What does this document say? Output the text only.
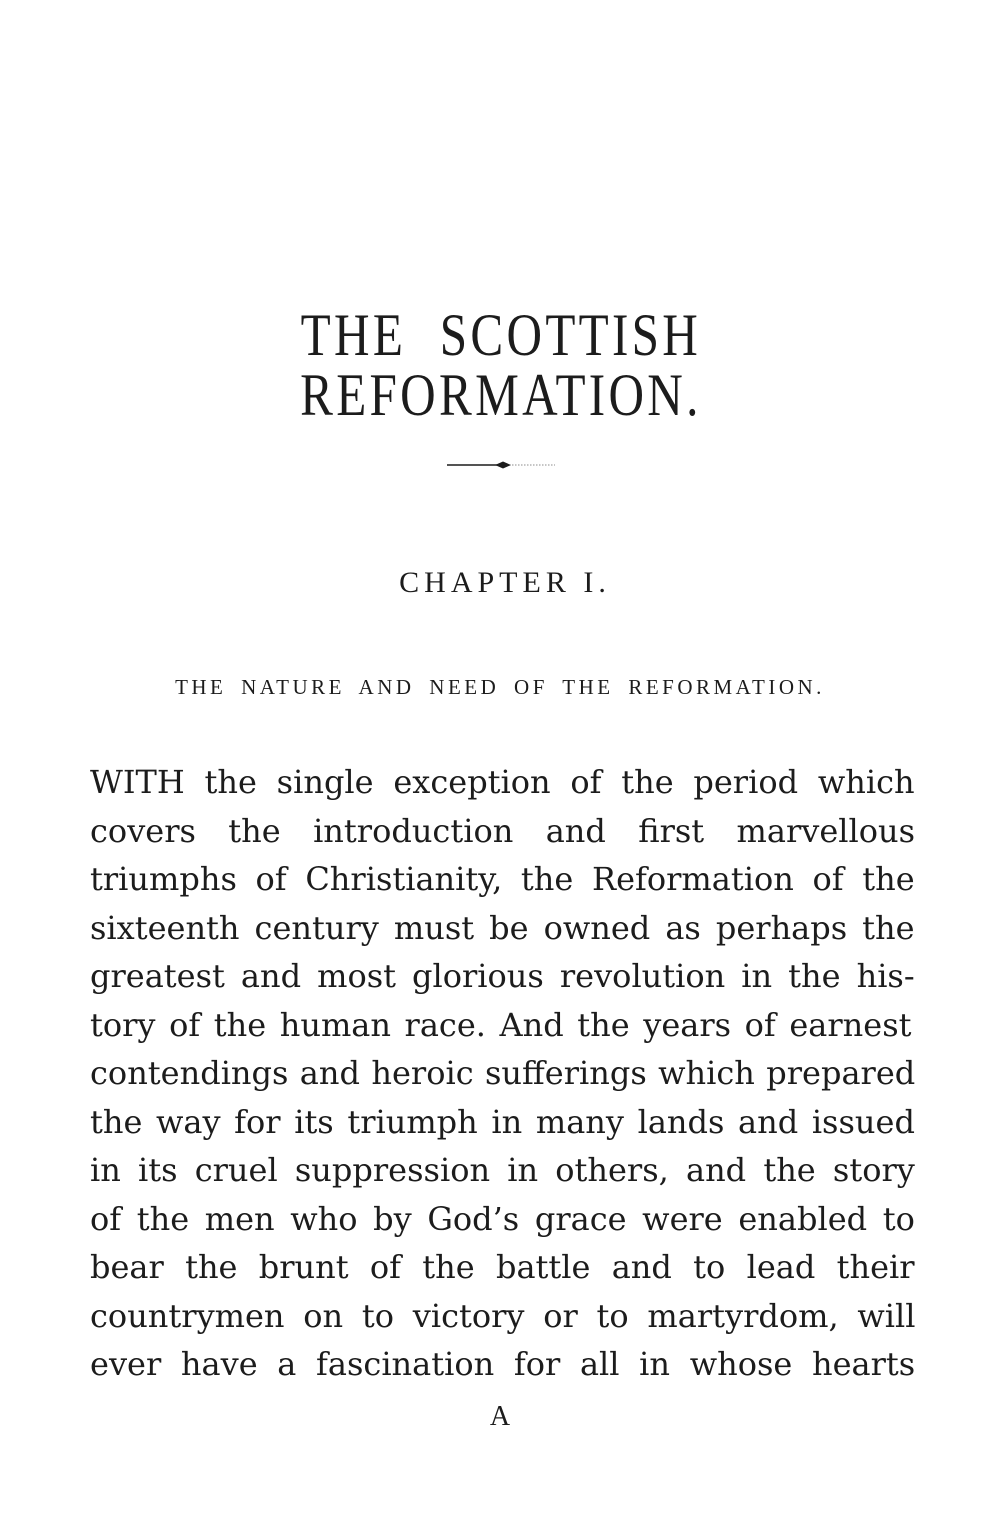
THE SCOTTISH REFORMATION.
CHAPTER I.
THE NATURE AND NEED OF THE REFORMATION.
WITH the single exception of the period which
covers the introduction and first marvellous
triumphs of Christianity, the Reformation of the
sixteenth century must be owned as perhaps the
greatest and most glorious revolution in the his-
tory of the human race. And the years of earnest
contendings and heroic sufferings which prepared
the way for its triumph in many lands and issued
in its cruel suppression in others, and the story
of the men who by God’s grace were enabled to
bear the brunt of the battle and to lead their
countrymen on to victory or to martyrdom, will
ever have a fascination for all in whose hearts
A
